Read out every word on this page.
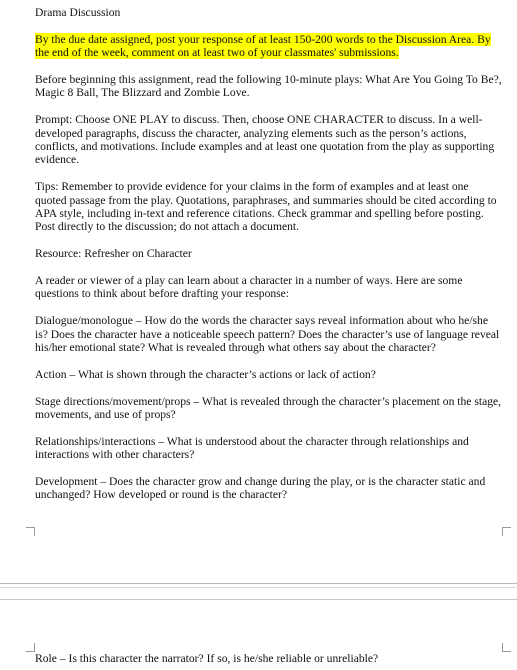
Drama Discussion

By the due date assigned, post your response of at least 150-200 words to the Discussion Area. By the end of the week, comment on at least two of your classmates' submissions.

Before beginning this assignment, read the following 10-minute plays: What Are You Going To Be?, Magic 8 Ball, The Blizzard and Zombie Love.

Prompt: Choose ONE PLAY to discuss. Then, choose ONE CHARACTER to discuss. In a well-developed paragraphs, discuss the character, analyzing elements such as the person’s actions, conflicts, and motivations. Include examples and at least one quotation from the play as supporting evidence.

Tips: Remember to provide evidence for your claims in the form of examples and at least one quoted passage from the play. Quotations, paraphrases, and summaries should be cited according to APA style, including in-text and reference citations. Check grammar and spelling before posting. Post directly to the discussion; do not attach a document.

Resource: Refresher on Character

A reader or viewer of a play can learn about a character in a number of ways. Here are some questions to think about before drafting your response:

Dialogue/monologue – How do the words the character says reveal information about who he/she is? Does the character have a noticeable speech pattern? Does the character’s use of language reveal his/her emotional state? What is revealed through what others say about the character?

Action – What is shown through the character’s actions or lack of action?

Stage directions/movement/props – What is revealed through the character’s placement on the stage, movements, and use of props?

Relationships/interactions – What is understood about the character through relationships and interactions with other characters?

Development – Does the character grow and change during the play, or is the character static and unchanged? How developed or round is the character?

Role – Is this character the narrator? If so, is he/she reliable or unreliable?
